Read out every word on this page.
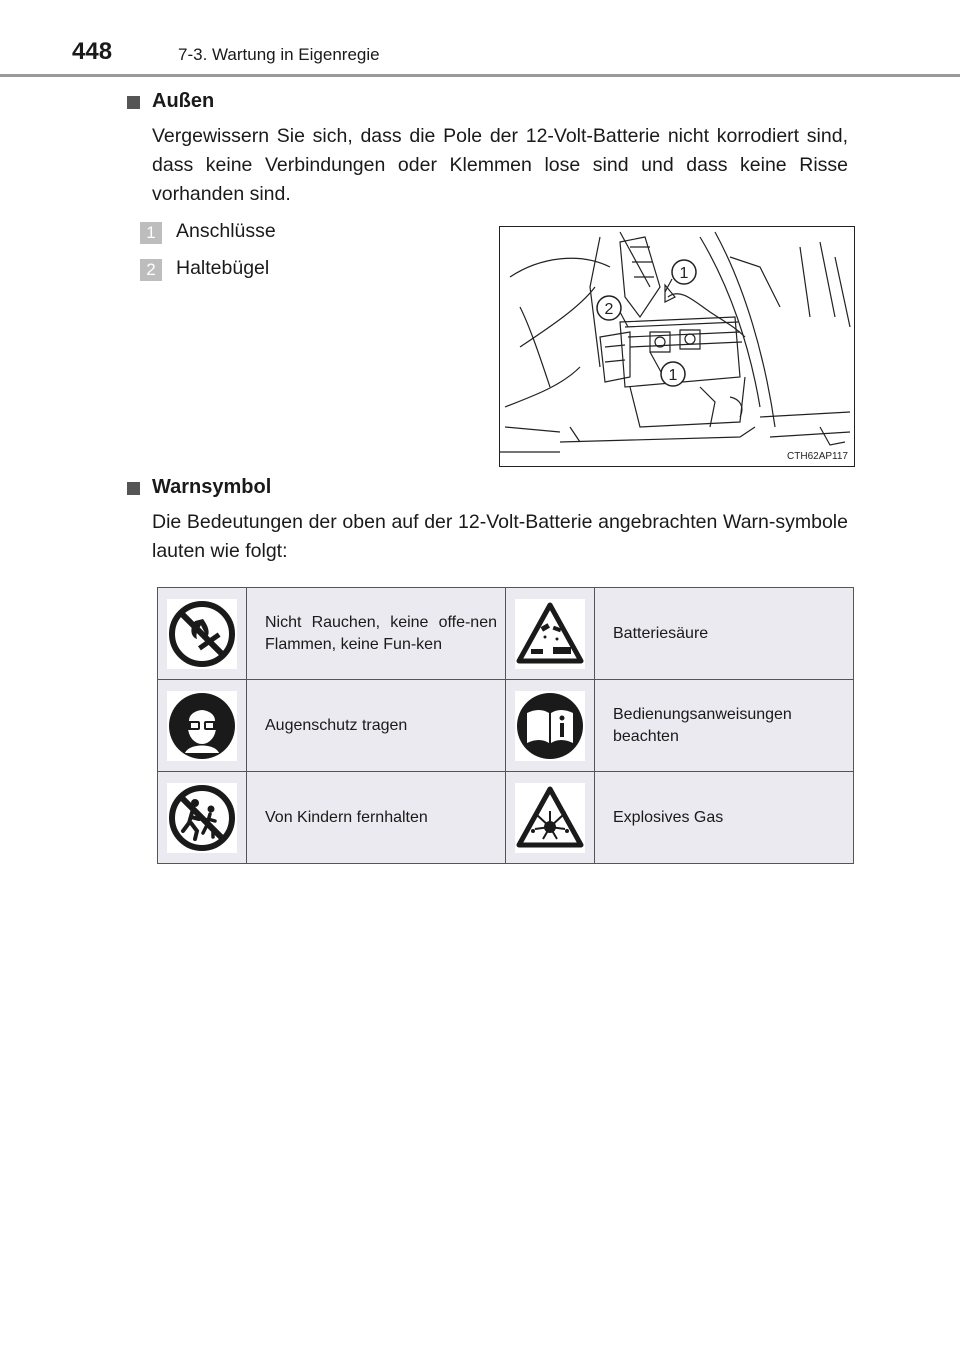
448	7-3. Wartung in Eigenregie
Außen
Vergewissern Sie sich, dass die Pole der 12-Volt-Batterie nicht korrodiert sind, dass keine Verbindungen oder Klemmen lose sind und dass keine Risse vorhanden sind.
1	Anschlüsse
2	Haltebügel	1
2
1
CTH62AP117
Warnsymbol
Die Bedeutungen der oben auf der 12-Volt-Batterie angebrachten Warn-symbole lauten wie folgt:
	Nicht Rauchen, keine offe-nen Flammen, keine Fun-ken		Batteriesäure
	Augenschutz tragen		Bedienungsanweisungen beachten
	Von Kindern fernhalten		Explosives Gas
